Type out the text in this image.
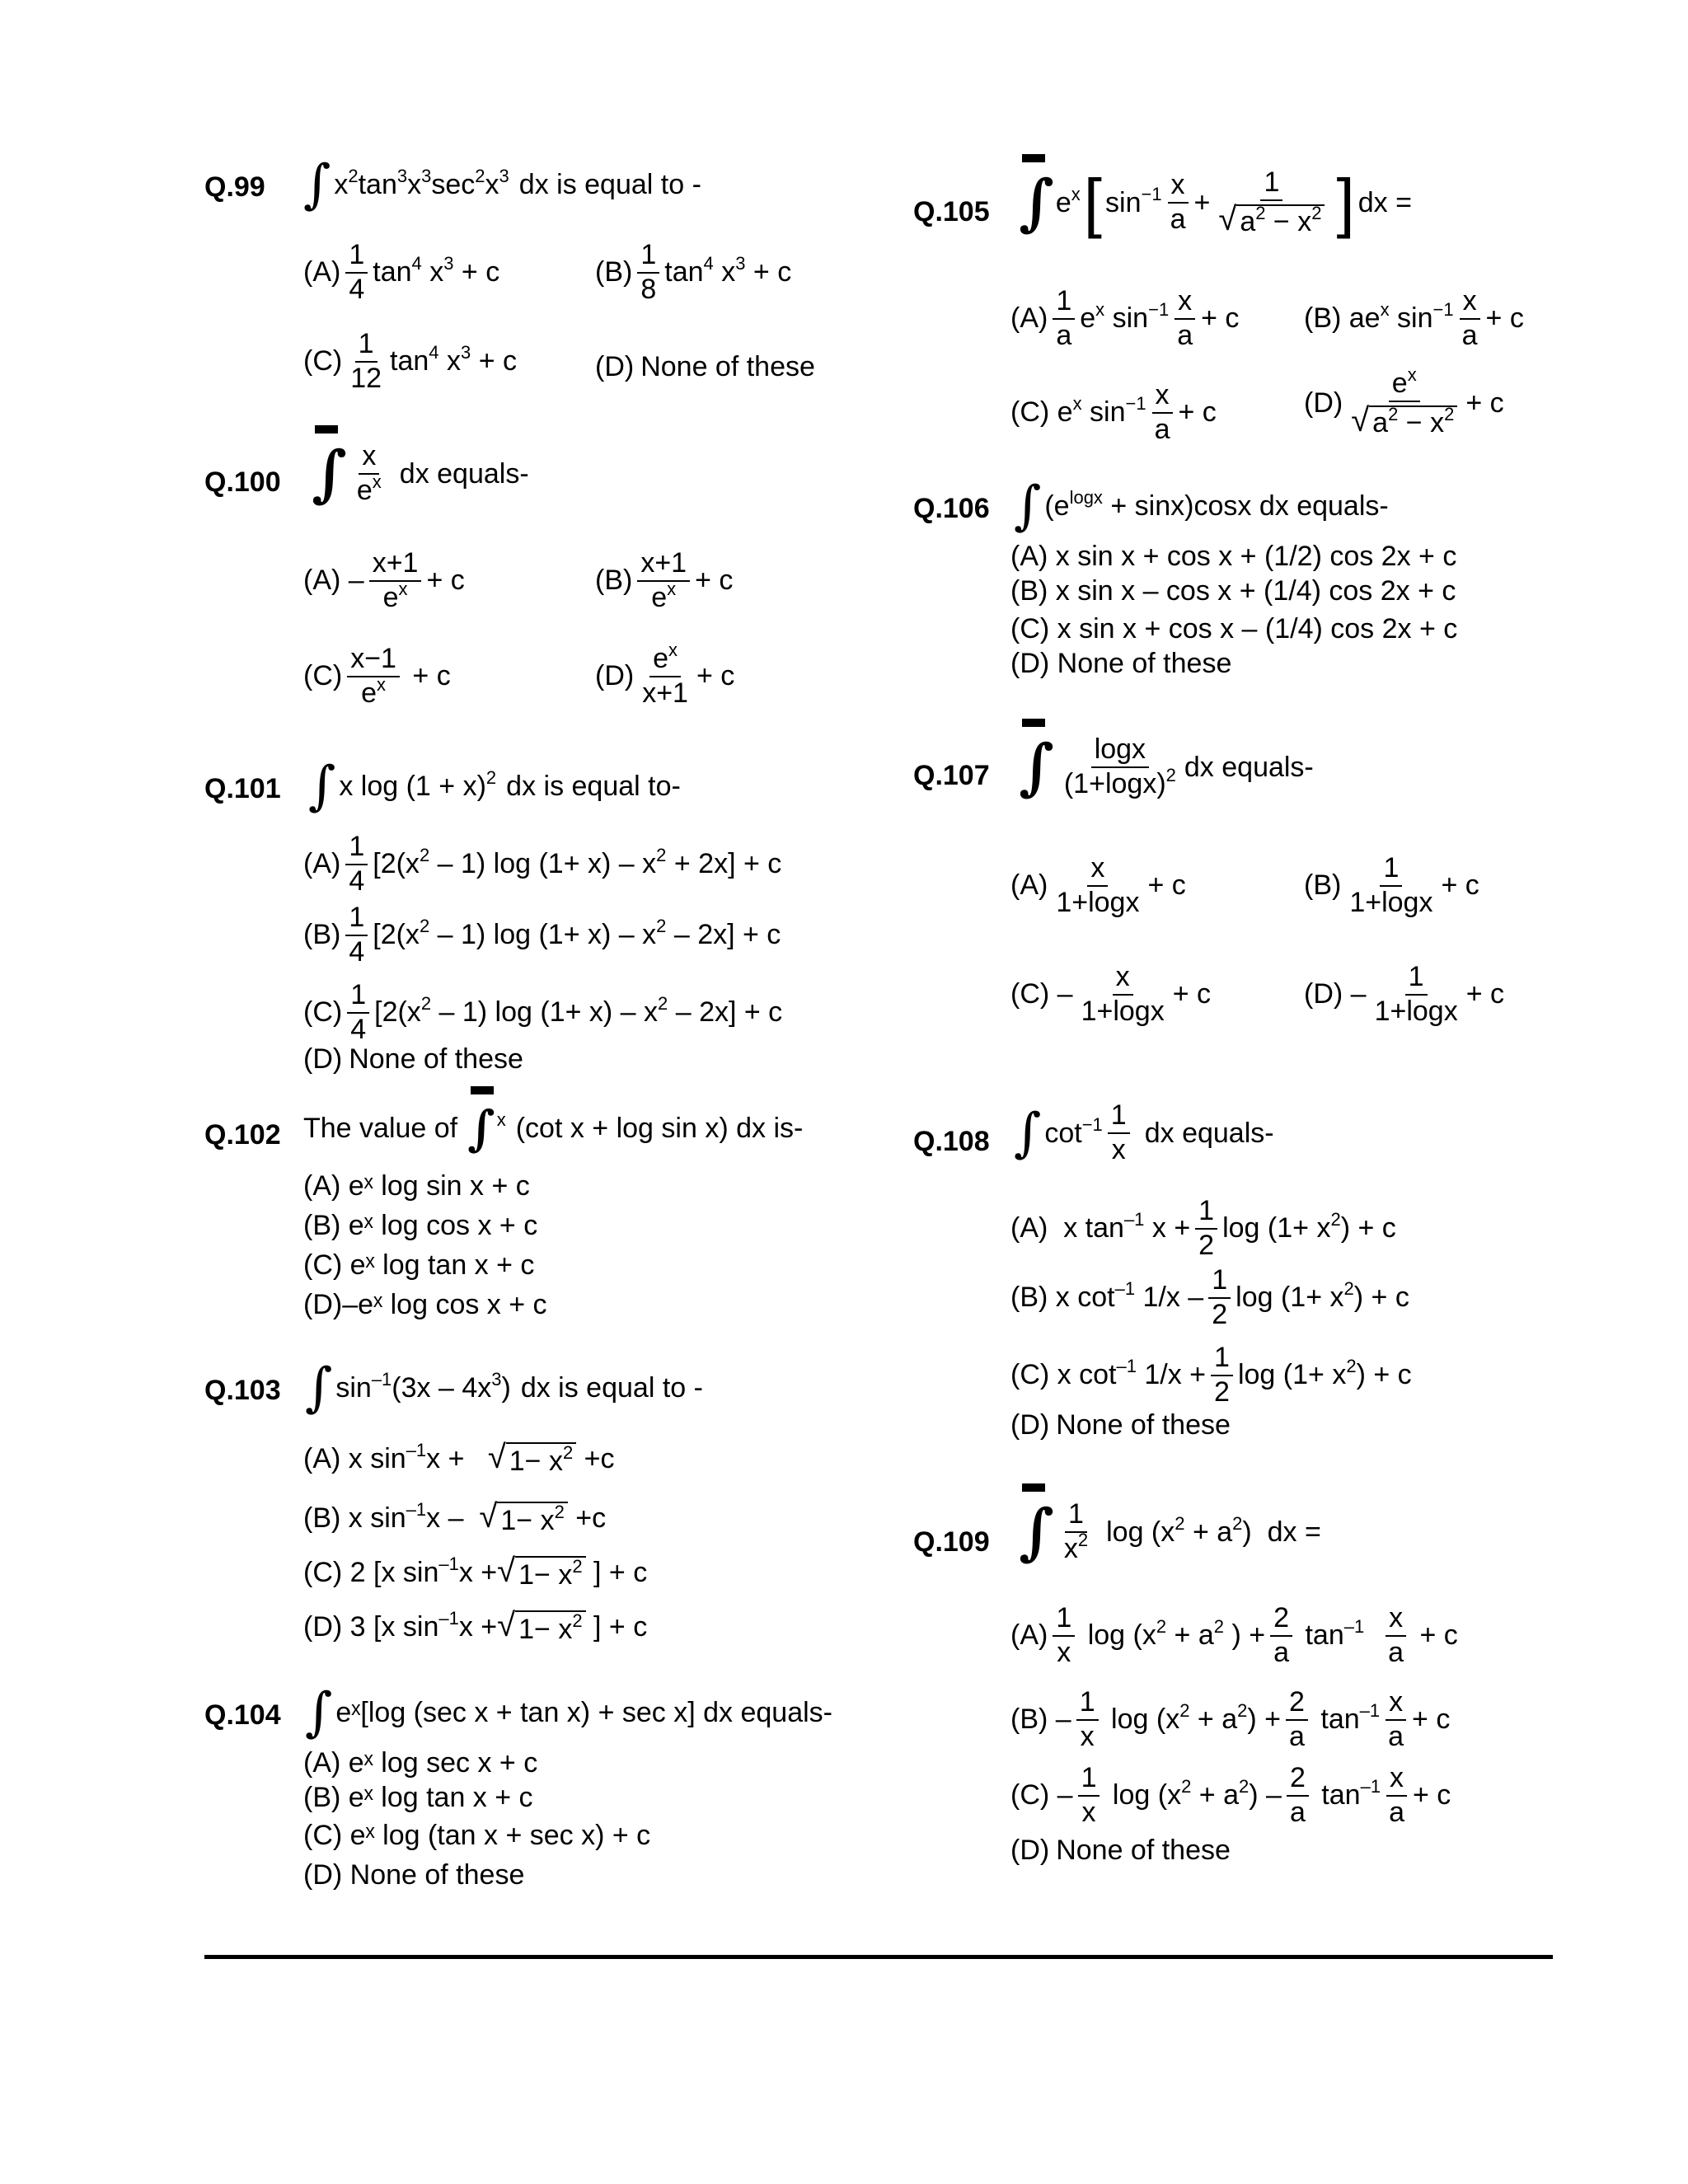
Q.99 ∫ $x^2\tan^3x^3\sec^2x^3$ dx is equal to -
$(A) \frac{1}{4} \tan^4 x^3 + c$	$(B) \frac{1}{8} \tan^4 x^3 + c$
$(C) \frac{1}{12} \tan^4 x^3 + c$	(D) None of these
Q.100 ∫ $\frac{x}{e^x}$ dx equals-
$(A) - \frac{x+1}{e^x} + c$	$(B) \frac{x+1}{e^x} + c$
$(C) \frac{x-1}{e^x} + c$	$(D) \frac{e^x}{x+1} + c$
Q.101 ∫ x $\log (1 + x)^2$ dx is equal to-
$(A) \frac{1}{4} [2(x^2 - 1)$ $\log (1+ x) - x^2 + 2x] + c$
$(B) \frac{1}{4} [2(x^2 - 1)$ $\log (1+ x) - x^2 - 2x] + c$
$(C) \frac{1}{4} [2(x^2 - 1)$ $\log (1+ x) - x^2 - 2x] + c$
(D) None of these
Q.102 The value of ∫ $^x$ (cot x + log sin x) dx is-
(A) eˣ log sin x + c
(B) eˣ log cos x + c
(C) eˣ log tan x + c
(D)–eˣ log cos x + c
Q.103 ∫ $\sin^{-1}(3x - 4x^3)$ dx is equal to -
(A) x $\sin^{-1}x$ + √ $1- x^2 +c$
(B) x $\sin^{-1}x$ – √ $1- x^2 +c$
(C) 2 [x $\sin^{-1}x$ + √ $1- x^2$ ] + c
(D) 3 [x $\sin^{-1}x$ + √ $1- x^2$ ] + c
Q.104 ∫ eˣ[log (sec x + tan x) + sec x] dx equals-
(A) eˣ log sec x + c
(B) eˣ log tan x + c
(C) eˣ log (tan x + sec x) + c
(D) None of these
Q.105 ∫ $e^x$ [ $\sin^{-1} \frac{x}{a} + \frac{1}{√ a^2 - x^2}$ ] dx =
$(A) \frac{1}{a} e^x$ $\sin^{-1} \frac{x}{a} + c$ (B) $ae^x$ $\sin^{-1} \frac{x}{a} + c$
(C) $e^x$ $\sin^{-1} \frac{x}{a} + c$	$(D) \frac{e^x}{√ a^2 - x^2} + c$
Q.106 ∫ $(e^{logx} + \sin x)$ cosx dx equals-
(A) x sin x + cos x + (1/2) cos 2x + c
(B) x sin x – cos x + (1/4) cos 2x + c
(C) x sin x + cos x – (1/4) cos 2x + c
(D) None of these
Q.107 ∫ $\frac{\log x}{(1+\log x)^2}$ dx equals-
$(A) \frac{x}{1+\log x} + c$	$(B) \frac{1}{1+\log x} + c$
$(C) - \frac{x}{1+\log x} + c$	$(D) - \frac{1}{1+\log x} + c$
Q.108 ∫ $\cot^{-1} \frac{1}{x}$ dx equals-
(A) x $\tan^{-1} x + \frac{1}{2}$ $\log (1+ x^2) + c$
(B) x $\cot^{-1} 1/x - \frac{1}{2}$ $\log (1+ x^2) + c$
(C) x $\cot^{-1} 1/x + \frac{1}{2}$ $\log (1+ x^2) + c$
(D) None of these
Q.109 ∫ $\frac{1}{x^2}$ $\log (x^2 + a^2)$ dx =
$(A) \frac{1}{x}$ $\log (x^2 + a^2$ ) + $\frac{2}{a} \tan^{-1} \frac{x}{a} + c$
$(B) - \frac{1}{x}$ $\log (x^2 + a^2) + \frac{2}{a} \tan^{-1} \frac{x}{a} + c$
$(C) - \frac{1}{x}$ $\log (x^2 + a^2) - \frac{2}{a} \tan^{-1} \frac{x}{a} + c$
(D) None of these
